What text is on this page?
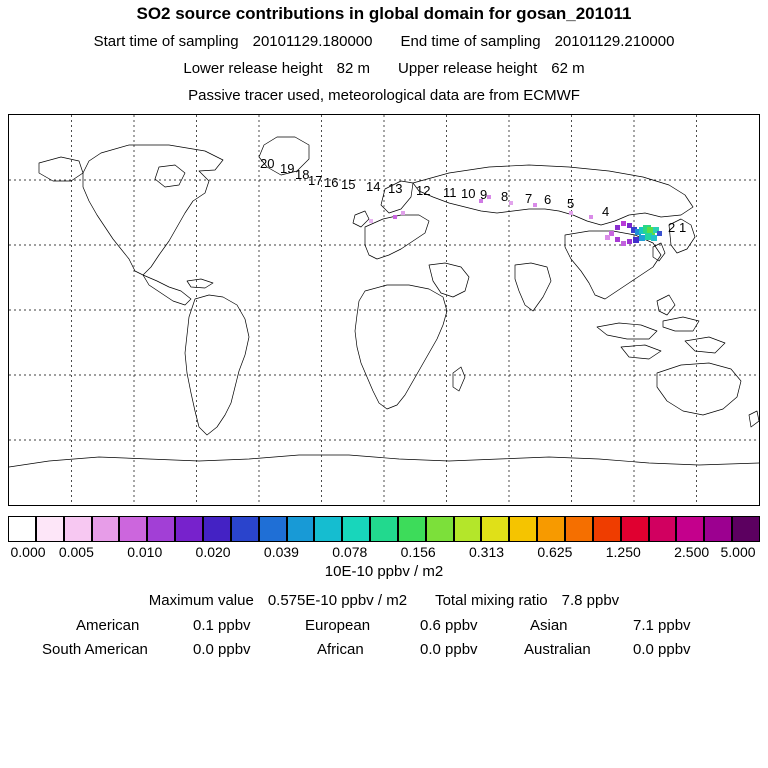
SO2 source contributions in global domain for gosan_201011
Start time of sampling 20101129.180000 End time of sampling 20101129.210000
Lower release height 82 m Upper release height 62 m
Passive tracer used, meteorological data are from ECMWF
20 19 18
17 16 15 14 13 12 11 10 9 8 7 6 5
4
2 1
0.000 0.005 0.010 0.020 0.039 0.078 0.156 0.313 0.625 1.250 2.500 5.000
10E-10 ppbv / m2
Maximum value 0.575E-10 ppbv / m2 Total mixing ratio 7.8 ppbv
American	0.1 ppbv	European	0.6 ppbv	Asian	7.1 ppbv
South American	0.0 ppbv	African	0.0 ppbv	Australian	0.0 ppbv
